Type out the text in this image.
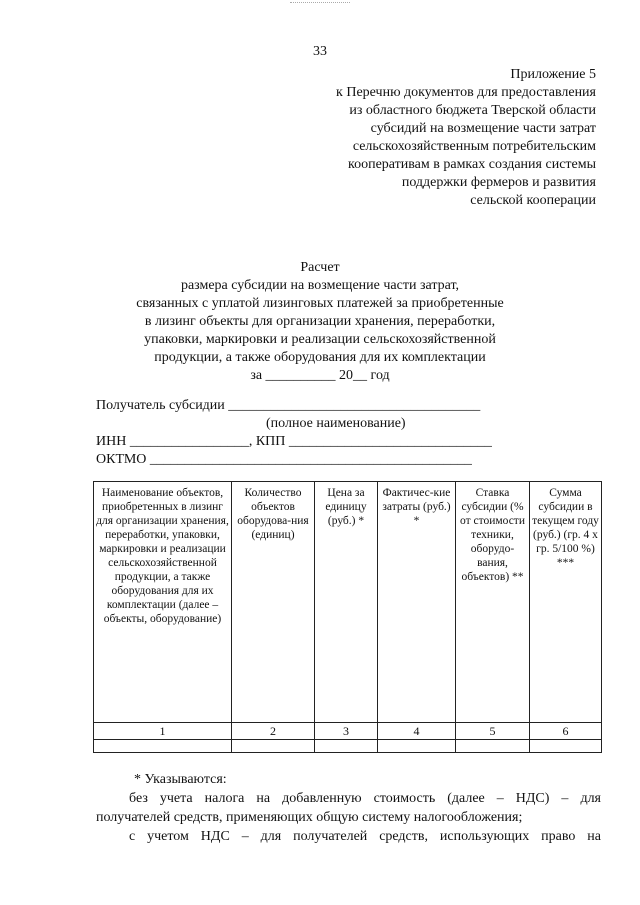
33
Приложение 5
к Перечню документов для предоставления
из областного бюджета Тверской области
субсидий на возмещение части затрат
сельскохозяйственным потребительским
кооперативам в рамках создания системы
поддержки фермеров и развития
сельской кооперации
Расчет
размера субсидии на возмещение части затрат,
связанных с уплатой лизинговых платежей за приобретенные
в лизинг объекты для организации хранения, переработки,
упаковки, маркировки и реализации сельскохозяйственной
продукции, а также оборудования для их комплектации
за __________ 20__ год
Получатель субсидии ____________________________________
(полное наименование)
ИНН _________________, КПП _____________________________
ОКТМО ______________________________________________
Наименование объектов, приобретенных в лизинг для организации хранения, переработки, упаковки, маркировки и реализации сельскохозяйственной продукции, а также оборудования для их комплектации (далее – объекты, оборудование)	Количество объектов оборудова-ния (единиц)	Цена за единицу (руб.) *	Фактичес-кие затраты (руб.) *	Ставка субсидии (% от стоимости техники, оборудо-вания, объектов) **	Сумма субсидии в текущем году (руб.) (гр. 4 х гр. 5/100 %) ***
1	2	3	4	5	6

* Указываются:
без учета налога на добавленную стоимость (далее – НДС) – для
получателей средств, применяющих общую систему налогообложения;
с учетом НДС – для получателей средств, использующих право на
